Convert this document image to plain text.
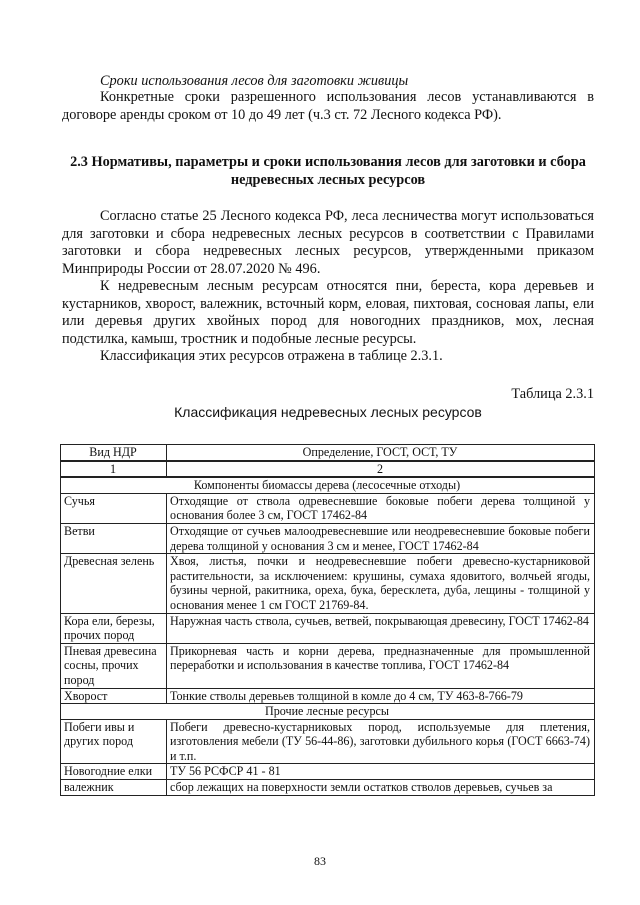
Сроки использования лесов для заготовки живицы

Конкретные сроки разрешенного использования лесов устанавливаются в договоре аренды сроком от 10 до 49 лет (ч.3 ст. 72 Лесного кодекса РФ).

2.3 Нормативы, параметры и сроки использования лесов для заготовки и сбора недревесных лесных ресурсов

Согласно статье 25 Лесного кодекса РФ, леса лесничества могут использоваться для заготовки и сбора недревесных лесных ресурсов в соответствии с Правилами заготовки и сбора недревесных лесных ресурсов, утвержденными приказом Минприроды России от 28.07.2020 № 496.

К недревесным лесным ресурсам относятся пни, береста, кора деревьев и кустарников, хворост, валежник, всточный корм, еловая, пихтовая, сосновая лапы, ели или деревья других хвойных пород для новогодних праздников, мох, лесная подстилка, камыш, тростник и подобные лесные ресурсы.

Классификация этих ресурсов отражена в таблице 2.3.1.

Таблица 2.3.1

Классификация недревесных лесных ресурсов

Вид НДР	Определение, ГОСТ, ОСТ, ТУ
1	2
Компоненты биомассы дерева (лесосечные отходы)	
Сучья	Отходящие от ствола одревесневшие боковые побеги дерева толщиной у основания более 3 см, ГОСТ 17462-84
Ветви	Отходящие от сучьев малоодревесневшие или неодревесневшие боковые побеги дерева толщиной у основания 3 см и менее, ГОСТ 17462-84
Древесная зелень	Хвоя, листья, почки и неодревесневшие побеги древесно-кустарниковой растительности, за исключением: крушины, сумаха ядовитого, волчьей ягоды, бузины черной, ракитника, ореха, бука, бересклета, дуба, лещины - толщиной у основания менее 1 см ГОСТ 21769-84.
Кора ели, березы, прочих пород	Наружная часть ствола, сучьев, ветвей, покрывающая древесину, ГОСТ 17462-84
Пневая древесина сосны, прочих пород	Прикорневая часть и корни дерева, предназначенные для промышленной переработки и использования в качестве топлива, ГОСТ 17462-84
Хворост	Тонкие стволы деревьев толщиной в комле до 4 см, ТУ 463-8-766-79
Прочие лесные ресурсы	
Побеги ивы и других пород	Побеги древесно-кустарниковых пород, используемые для плетения, изготовления мебели (ТУ 56-44-86), заготовки дубильного корья (ГОСТ 6663-74) и т.п.
Новогодние елки	ТУ 56 РСФСР 41 - 81
валежник	сбор лежащих на поверхности земли остатков стволов деревьев, сучьев за
83
